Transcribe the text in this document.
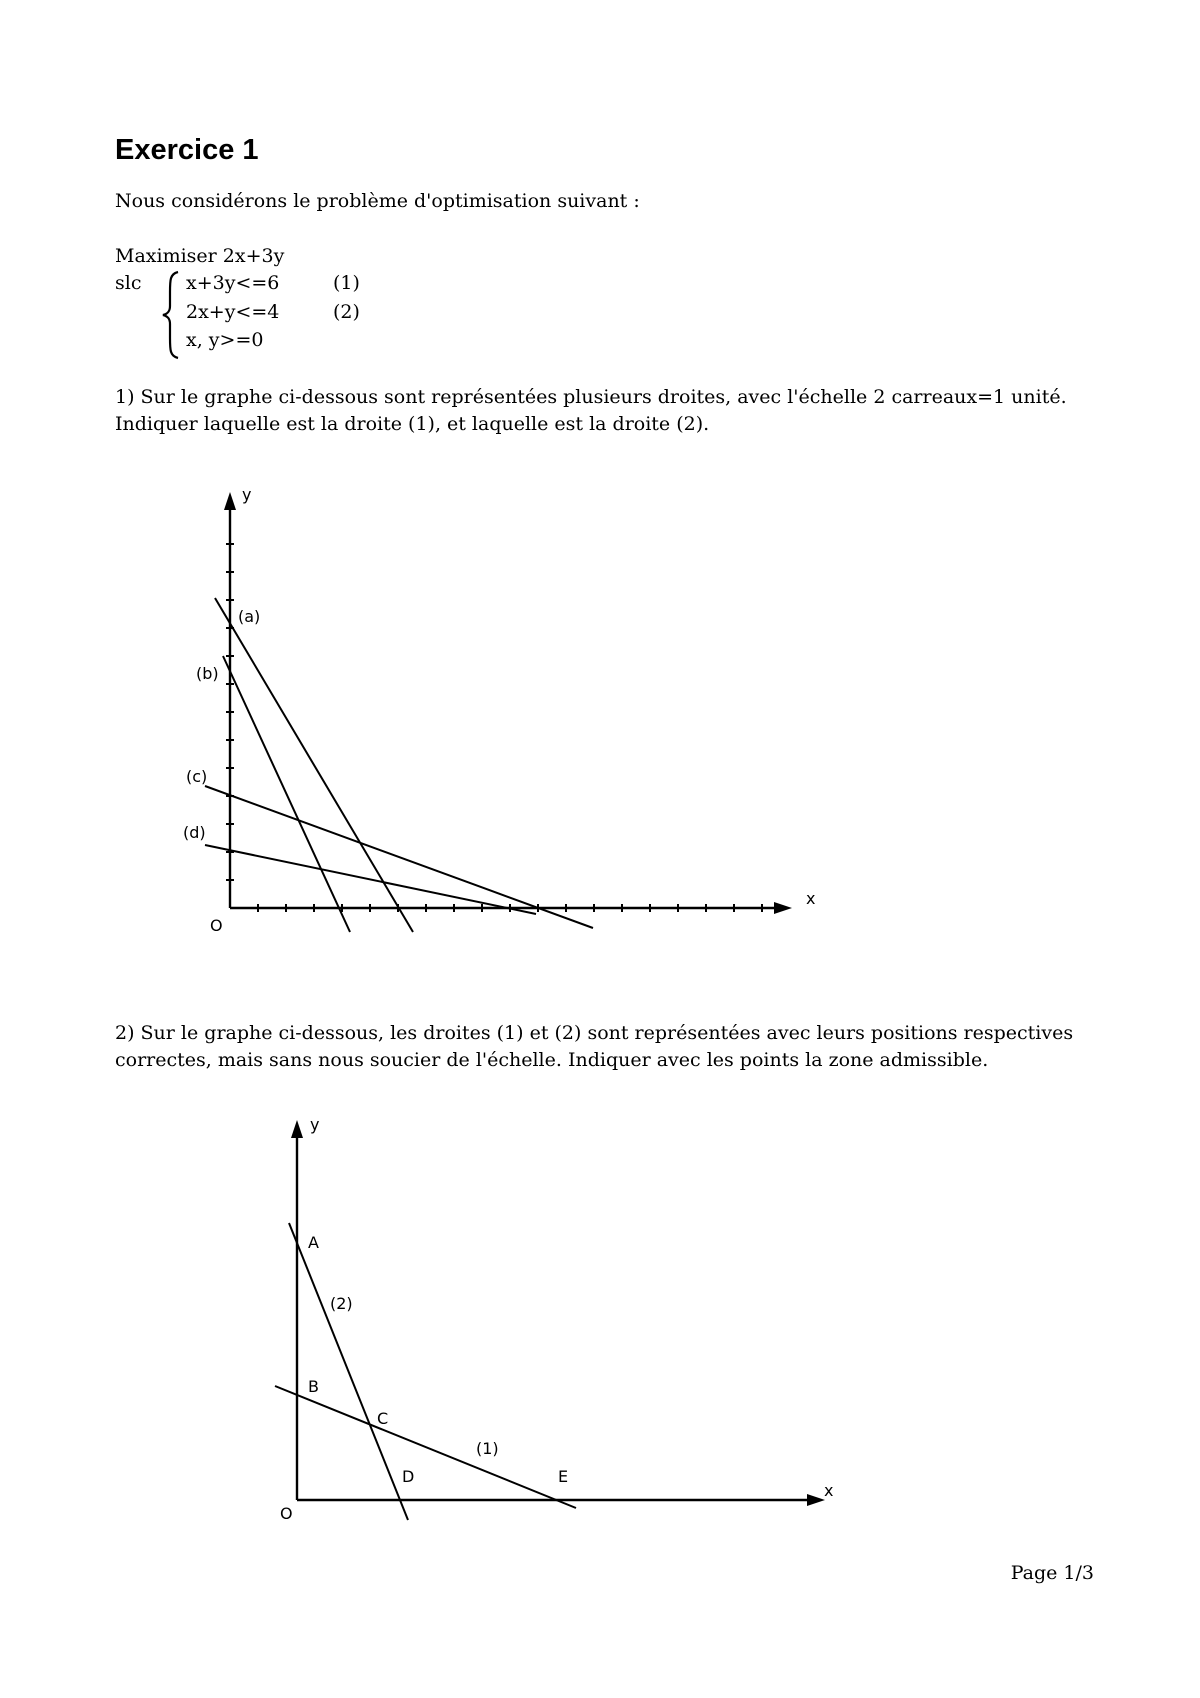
Exercice 1
Nous considérons le problème d'optimisation suivant :
Maximiser 2x+3y
slc x+3y<=6	(1)
2x+y<=4	(2)
x, y>=0
1) Sur le graphe ci-dessous sont représentées plusieurs droites, avec l'échelle 2 carreaux=1 unité.
Indiquer laquelle est la droite (1), et laquelle est la droite (2).
y
x
O
(a)
(b)
(c)
(d)
2) Sur le graphe ci-dessous, les droites (1) et (2) sont représentées avec leurs positions respectives
correctes, mais sans nous soucier de l'échelle. Indiquer avec les points la zone admissible.
y
x
O
A
B
C
D	E
(2)
(1)
Page 1/3
